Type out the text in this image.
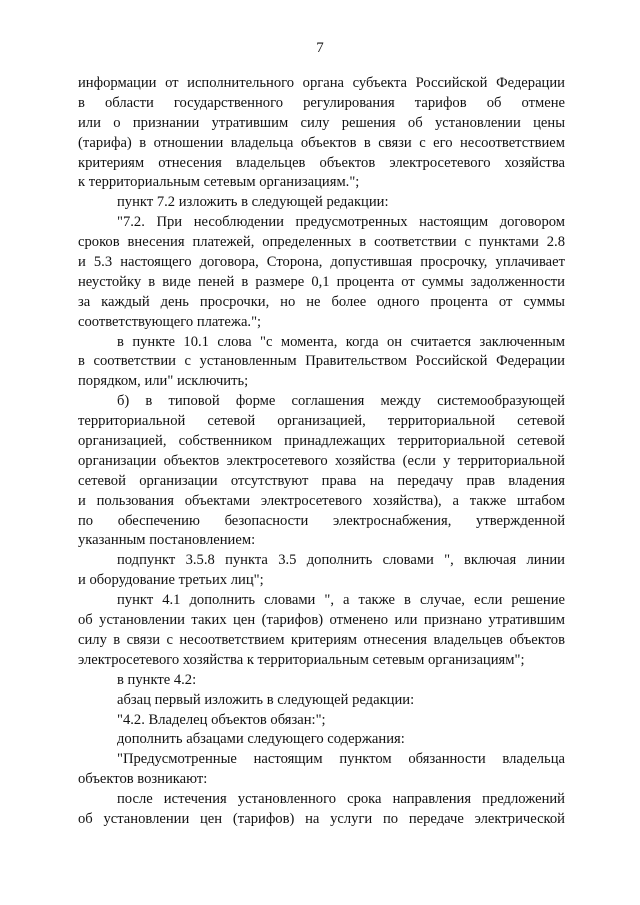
7
информации от исполнительного органа субъекта Российской Федерации
в области государственного регулирования тарифов об отмене
или о признании утратившим силу решения об установлении цены
(тарифа) в отношении владельца объектов в связи с его несоответствием
критериям отнесения владельцев объектов электросетевого хозяйства
к территориальным сетевым организациям.";
пункт 7.2 изложить в следующей редакции:
"7.2. При несоблюдении предусмотренных настоящим договором
сроков внесения платежей, определенных в соответствии с пунктами 2.8
и 5.3 настоящего договора, Сторона, допустившая просрочку, уплачивает
неустойку в виде пеней в размере 0,1 процента от суммы задолженности
за каждый день просрочки, но не более одного процента от суммы
соответствующего платежа.";
в пункте 10.1 слова "с момента, когда он считается заключенным
в соответствии с установленным Правительством Российской Федерации
порядком, или" исключить;
б) в типовой форме соглашения между системообразующей
территориальной сетевой организацией, территориальной сетевой
организацией, собственником принадлежащих территориальной сетевой
организации объектов электросетевого хозяйства (если у территориальной
сетевой организации отсутствуют права на передачу прав владения
и пользования объектами электросетевого хозяйства), а также штабом
по обеспечению безопасности электроснабжения, утвержденной
указанным постановлением:
подпункт 3.5.8 пункта 3.5 дополнить словами ", включая линии
и оборудование третьих лиц";
пункт 4.1 дополнить словами ", а также в случае, если решение
об установлении таких цен (тарифов) отменено или признано утратившим
силу в связи с несоответствием критериям отнесения владельцев объектов
электросетевого хозяйства к территориальным сетевым организациям";
в пункте 4.2:
абзац первый изложить в следующей редакции:
"4.2. Владелец объектов обязан:";
дополнить абзацами следующего содержания:
"Предусмотренные настоящим пунктом обязанности владельца
объектов возникают:
после истечения установленного срока направления предложений
об установлении цен (тарифов) на услуги по передаче электрической
